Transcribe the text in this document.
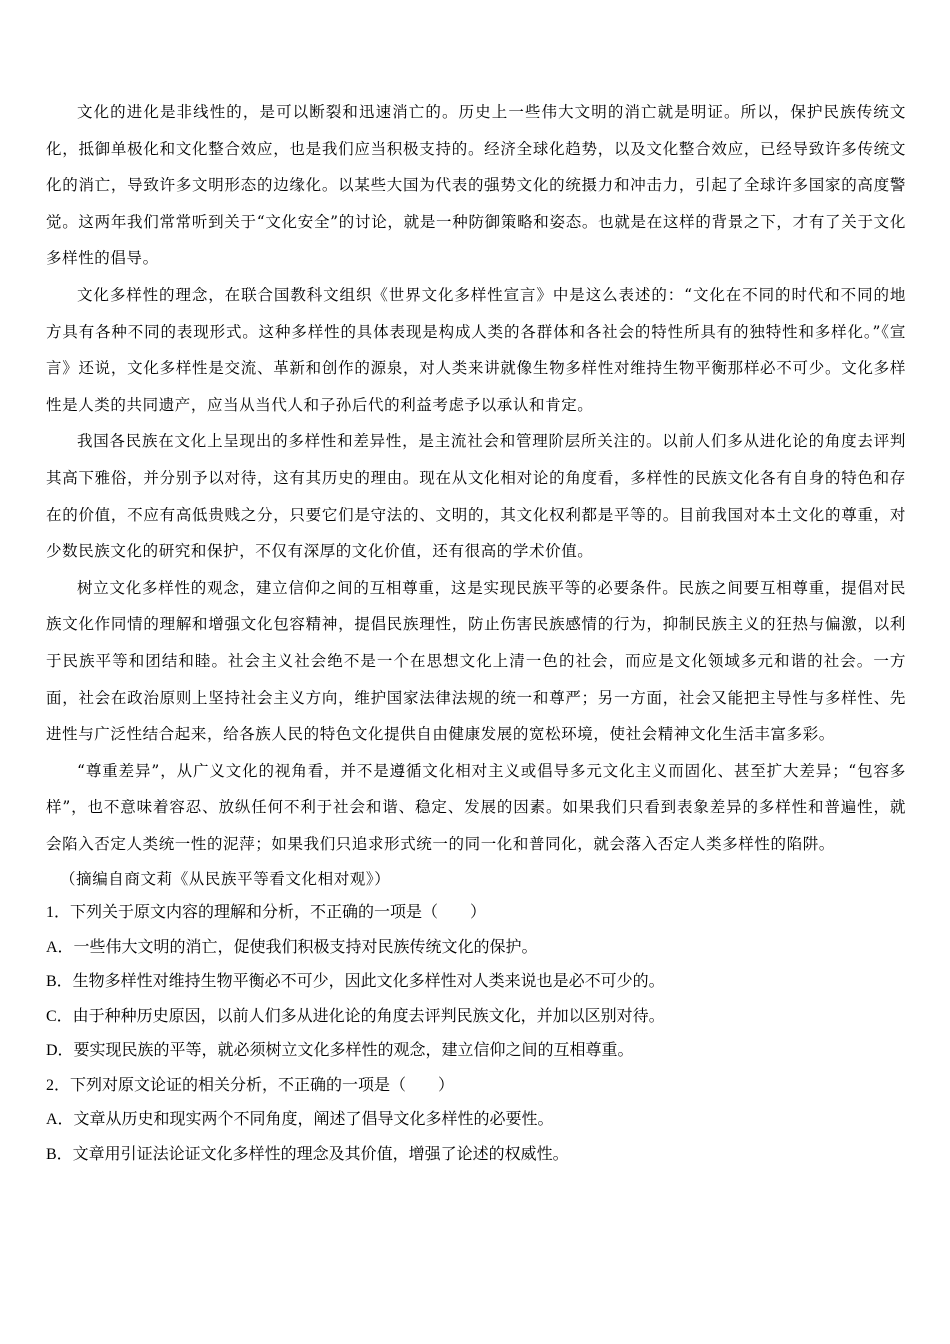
文化的进化是非线性的，是可以断裂和迅速消亡的。历史上一些伟大文明的消亡就是明证。所以，保护民族传统文化，抵御单极化和文化整合效应，也是我们应当积极支持的。经济全球化趋势，以及文化整合效应，已经导致许多传统文化的消亡，导致许多文明形态的边缘化。以某些大国为代表的强势文化的统摄力和冲击力，引起了全球许多国家的高度警觉。这两年我们常常听到关于“文化安全”的讨论，就是一种防御策略和姿态。也就是在这样的背景之下，才有了关于文化多样性的倡导。

文化多样性的理念，在联合国教科文组织《世界文化多样性宣言》中是这么表述的：“文化在不同的时代和不同的地方具有各种不同的表现形式。这种多样性的具体表现是构成人类的各群体和各社会的特性所具有的独特性和多样化。”《宣言》还说，文化多样性是交流、革新和创作的源泉，对人类来讲就像生物多样性对维持生物平衡那样必不可少。文化多样性是人类的共同遗产，应当从当代人和子孙后代的利益考虑予以承认和肯定。

我国各民族在文化上呈现出的多样性和差异性，是主流社会和管理阶层所关注的。以前人们多从进化论的角度去评判其高下雅俗，并分别予以对待，这有其历史的理由。现在从文化相对论的角度看，多样性的民族文化各有自身的特色和存在的价值，不应有高低贵贱之分，只要它们是守法的、文明的，其文化权利都是平等的。目前我国对本土文化的尊重，对少数民族文化的研究和保护，不仅有深厚的文化价值，还有很高的学术价值。

树立文化多样性的观念，建立信仰之间的互相尊重，这是实现民族平等的必要条件。民族之间要互相尊重，提倡对民族文化作同情的理解和增强文化包容精神，提倡民族理性，防止伤害民族感情的行为，抑制民族主义的狂热与偏激，以利于民族平等和团结和睦。社会主义社会绝不是一个在思想文化上清一色的社会，而应是文化领域多元和谐的社会。一方面，社会在政治原则上坚持社会主义方向，维护国家法律法规的统一和尊严；另一方面，社会又能把主导性与多样性、先进性与广泛性结合起来，给各族人民的特色文化提供自由健康发展的宽松环境，使社会精神文化生活丰富多彩。

“尊重差异”，从广义文化的视角看，并不是遵循文化相对主义或倡导多元文化主义而固化、甚至扩大差异；“包容多样”，也不意味着容忍、放纵任何不利于社会和谐、稳定、发展的因素。如果我们只看到表象差异的多样性和普遍性，就会陷入否定人类统一性的泥萍；如果我们只追求形式统一的同一化和普同化，就会落入否定人类多样性的陷阱。

（摘编自商文莉《从民族平等看文化相对观》）

1．下列关于原文内容的理解和分析，不正确的一项是（　　）

A．一些伟大文明的消亡，促使我们积极支持对民族传统文化的保护。

B．生物多样性对维持生物平衡必不可少，因此文化多样性对人类来说也是必不可少的。

C．由于种种历史原因，以前人们多从进化论的角度去评判民族文化，并加以区别对待。

D．要实现民族的平等，就必须树立文化多样性的观念，建立信仰之间的互相尊重。

2．下列对原文论证的相关分析，不正确的一项是（　　）

A．文章从历史和现实两个不同角度，阐述了倡导文化多样性的必要性。

B．文章用引证法论证文化多样性的理念及其价值，增强了论述的权威性。
